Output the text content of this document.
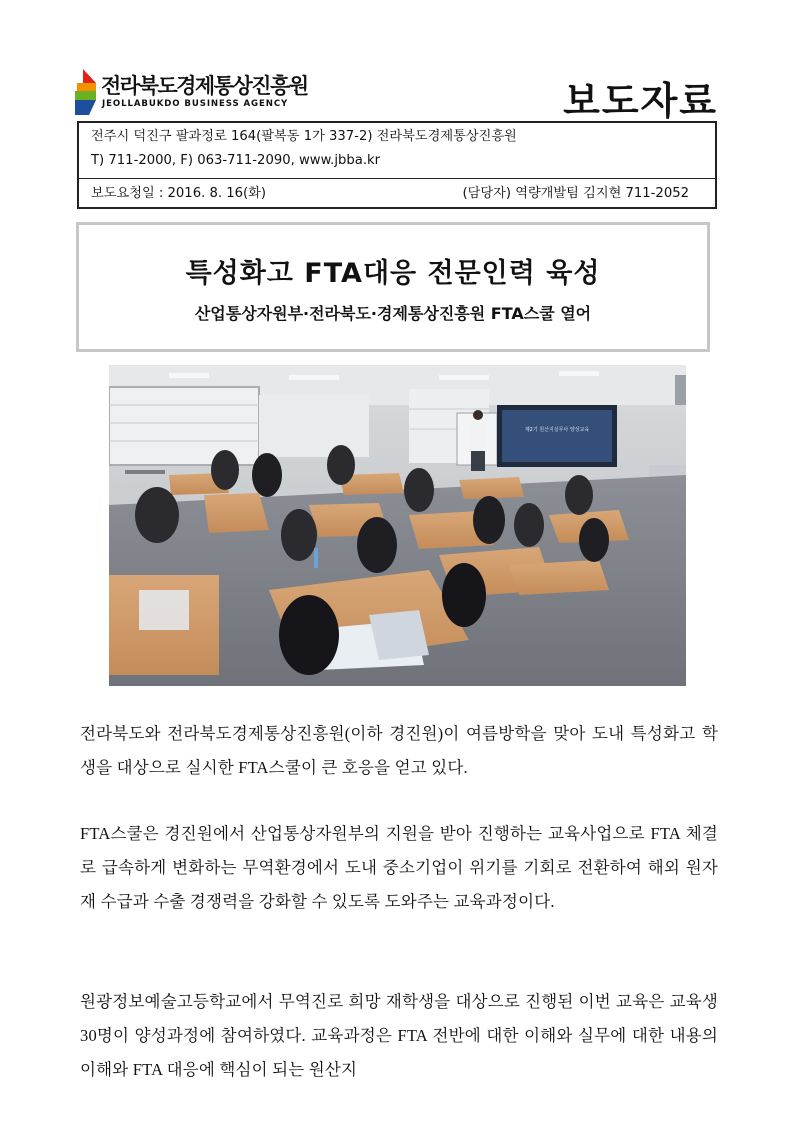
전라북도경제통상진흥원
JEOLLABUKDO BUSINESS AGENCY	보도자료
전주시 덕진구 팔과정로 164(팔복동 1가 337-2) 전라북도경제통상진흥원
T) 711-2000, F) 063-711-2090, www.jbba.kr
보도요청일 : 2016. 8. 16(화)	(담당자) 역량개발팀 김지현 711-2052
특성화고 FTA대응 전문인력 육성
산업통상자원부·전라북도·경제통상진흥원 FTA스쿨 열어
제2기 원산지실무사 양성교육

전라북도와 전라북도경제통상진흥원(이하 경진원)이 여름방학을 맞아 도내 특성화고 학생을 대상으로 실시한 FTA스쿨이 큰 호응을 얻고 있다.

FTA스쿨은 경진원에서 산업통상자원부의 지원을 받아 진행하는 교육사업으로 FTA 체결로 급속하게 변화하는 무역환경에서 도내 중소기업이 위기를 기회로 전환하여 해외 원자재 수급과 수출 경쟁력을 강화할 수 있도록 도와주는 교육과정이다.

원광정보예술고등학교에서 무역진로 희망 재학생을 대상으로 진행된 이번 교육은 교육생 30명이 양성과정에 참여하였다. 교육과정은 FTA 전반에 대한 이해와 실무에 대한 내용의 이해와 FTA 대응에 핵심이 되는 원산지
